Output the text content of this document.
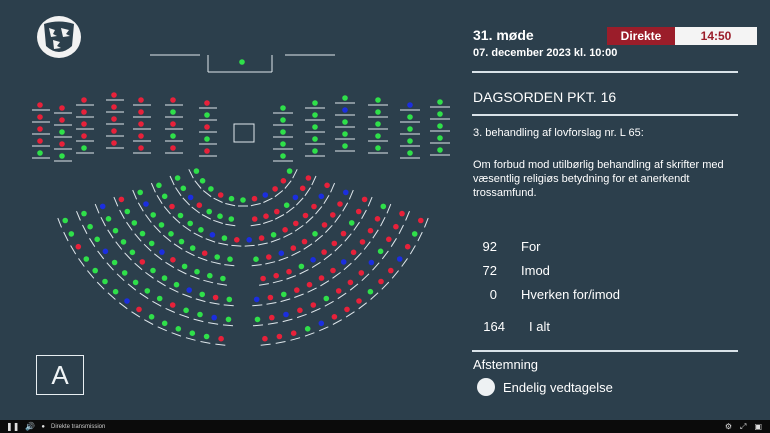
A
31. møde
07. december 2023 kl. 10:00
Direkte	14:50
DAGSORDEN PKT. 16
3. behandling af lovforslag nr. L 65:
Om forbud mod utilbørlig behandling af skrifter med væsentlig religiøs betydning for et anerkendt trossamfund.
92 For
72 Imod
0 Hverken for/imod
164 I alt
Afstemning
Endelig vedtagelse
❚❚ 🔊 ● Direkte transmission	⚙ ⤢ ▣
